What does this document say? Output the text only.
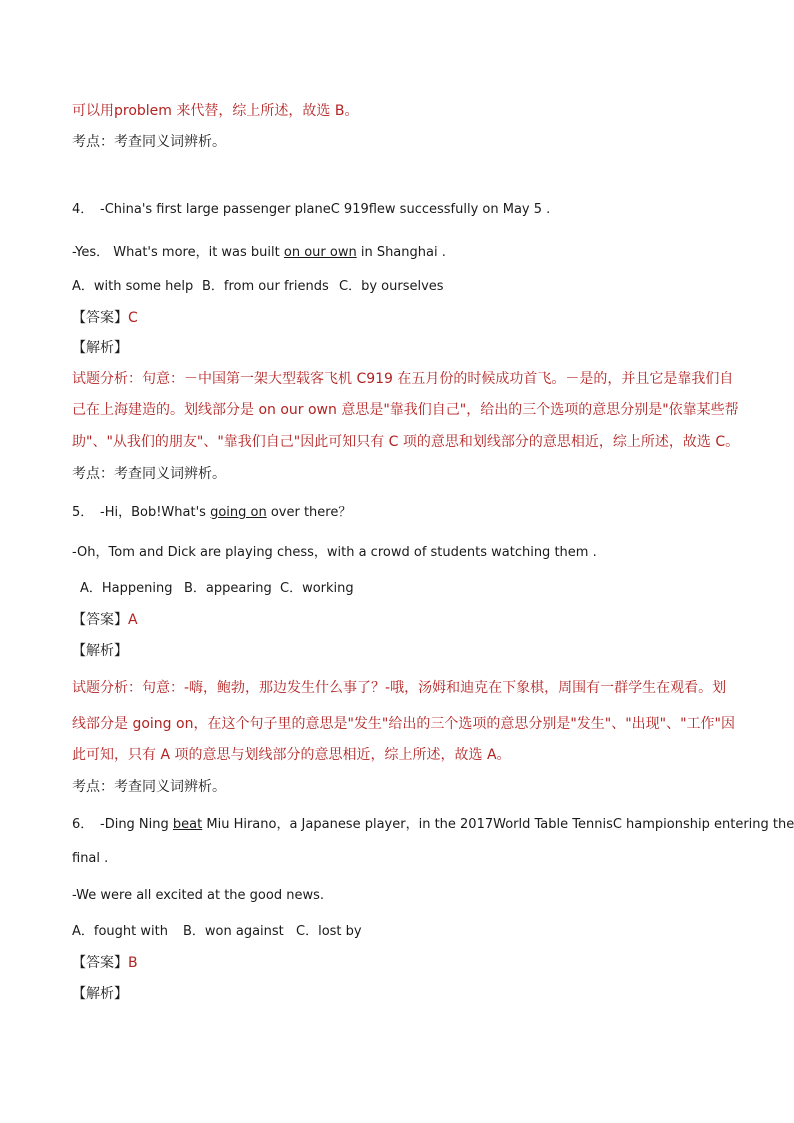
可以用problem 来代替，综上所述，故选 B。
考点：考查同义词辨析。
4． -China's first large passenger planeC 919flew successfully on May 5 .
-Yes． What's more，it was built on our own in Shanghai .
A．with some help B．from our friends C．by ourselves
【答案】C
【解析】
试题分析：句意：－中国第一架大型载客飞机 C919 在五月份的时候成功首飞。－是的，并且它是靠我们自
己在上海建造的。划线部分是 on our own 意思是"靠我们自己"，给出的三个选项的意思分别是"依靠某些帮
助"、"从我们的朋友"、"靠我们自己"因此可知只有 C 项的意思和划线部分的意思相近，综上所述，故选 C。
考点：考查同义词辨析。
5． -Hi，Bob!What's going on over there？
-Oh，Tom and Dick are playing chess，with a crowd of students watching them .
A．Happening B．appearing C．working
【答案】A
【解析】
试题分析：句意：-嗨，鲍勃，那边发生什么事了？-哦，汤姆和迪克在下象棋，周围有一群学生在观看。划
线部分是 going on，在这个句子里的意思是"发生"给出的三个选项的意思分别是"发生"、"出现"、"工作"因
此可知，只有 A 项的意思与划线部分的意思相近，综上所述，故选 A。
考点：考查同义词辨析。
6． -Ding Ning beat Miu Hirano，a Japanese player，in the 2017World Table TennisC hampionship entering the
final .
-We were all excited at the good news.
A．fought with B．won against C．lost by
【答案】B
【解析】
